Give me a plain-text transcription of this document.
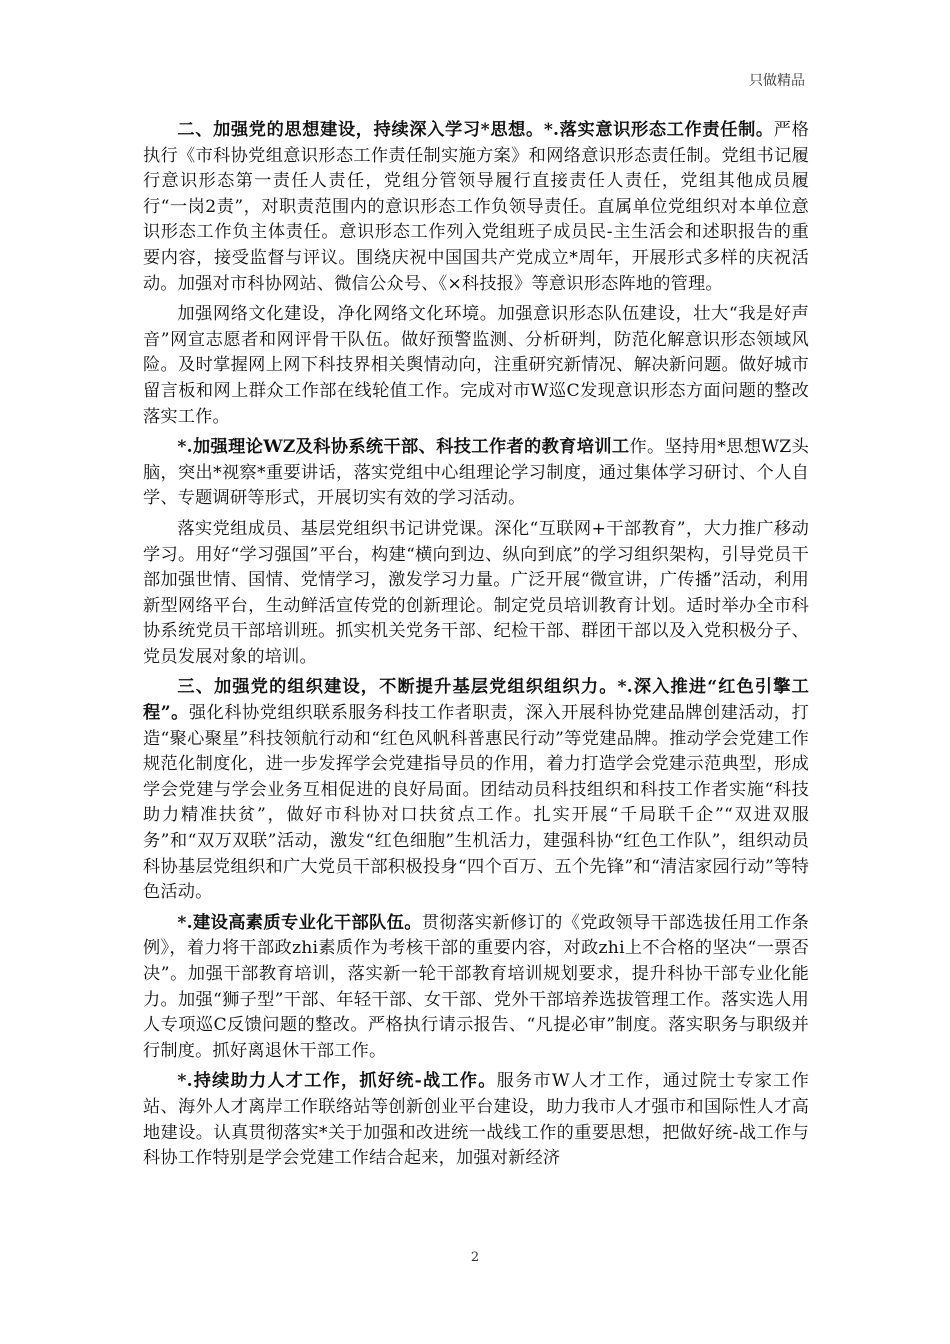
只做精品

二、加强党的思想建设，持续深入学习*思想。*.落实意识形态工作责任制。严格执行《市科协党组意识形态工作责任制实施方案》和网络意识形态责任制。党组书记履行意识形态第一责任人责任，党组分管领导履行直接责任人责任，党组其他成员履行“一岗2责”，对职责范围内的意识形态工作负领导责任。直属单位党组织对本单位意识形态工作负主体责任。意识形态工作列入党组班子成员民-主生活会和述职报告的重要内容，接受监督与评议。围绕庆祝中国国共产党成立*周年，开展形式多样的庆祝活动。加强对市科协网站、微信公众号、《×科技报》等意识形态阵地的管理。

加强网络文化建设，净化网络文化环境。加强意识形态队伍建设，壮大“我是好声音”网宣志愿者和网评骨干队伍。做好预警监测、分析研判，防范化解意识形态领域风险。及时掌握网上网下科技界相关舆情动向，注重研究新情况、解决新问题。做好城市留言板和网上群众工作部在线轮值工作。完成对市W巡C发现意识形态方面问题的整改落实工作。

*.加强理论WZ及科协系统干部、科技工作者的教育培训工作。坚持用*思想WZ头脑，突出*视察*重要讲话，落实党组中心组理论学习制度，通过集体学习研讨、个人自学、专题调研等形式，开展切实有效的学习活动。

落实党组成员、基层党组织书记讲党课。深化“互联网+干部教育”，大力推广移动学习。用好“学习强国”平台，构建“横向到边、纵向到底”的学习组织架构，引导党员干部加强世情、国情、党情学习，激发学习力量。广泛开展“微宣讲，广传播”活动，利用新型网络平台，生动鲜活宣传党的创新理论。制定党员培训教育计划。适时举办全市科协系统党员干部培训班。抓实机关党务干部、纪检干部、群团干部以及入党积极分子、党员发展对象的培训。

三、加强党的组织建设，不断提升基层党组织组织力。*.深入推进“红色引擎工程”。强化科协党组织联系服务科技工作者职责，深入开展科协党建品牌创建活动，打造“聚心聚星”科技领航行动和“红色风帆科普惠民行动”等党建品牌。推动学会党建工作规范化制度化，进一步发挥学会党建指导员的作用，着力打造学会党建示范典型，形成学会党建与学会业务互相促进的良好局面。团结动员科技组织和科技工作者实施“科技助力精准扶贫”，做好市科协对口扶贫点工作。扎实开展“千局联千企”“双进双服务”和“双万双联”活动，激发“红色细胞”生机活力，建强科协“红色工作队”，组织动员科协基层党组织和广大党员干部积极投身“四个百万、五个先锋”和“清洁家园行动”等特色活动。

*.建设高素质专业化干部队伍。贯彻落实新修订的《党政领导干部选拔任用工作条例》，着力将干部政zhi素质作为考核干部的重要内容，对政zhi上不合格的坚决“一票否决”。加强干部教育培训，落实新一轮干部教育培训规划要求，提升科协干部专业化能力。加强“狮子型”干部、年轻干部、女干部、党外干部培养选拔管理工作。落实选人用人专项巡C反馈问题的整改。严格执行请示报告、“凡提必审”制度。落实职务与职级并行制度。抓好离退休干部工作。

*.持续助力人才工作，抓好统-战工作。服务市W人才工作，通过院士专家工作站、海外人才离岸工作联络站等创新创业平台建设，助力我市人才强市和国际性人才高地建设。认真贯彻落实*关于加强和改进统一战线工作的重要思想，把做好统-战工作与科协工作特别是学会党建工作结合起来，加强对新经济

2
